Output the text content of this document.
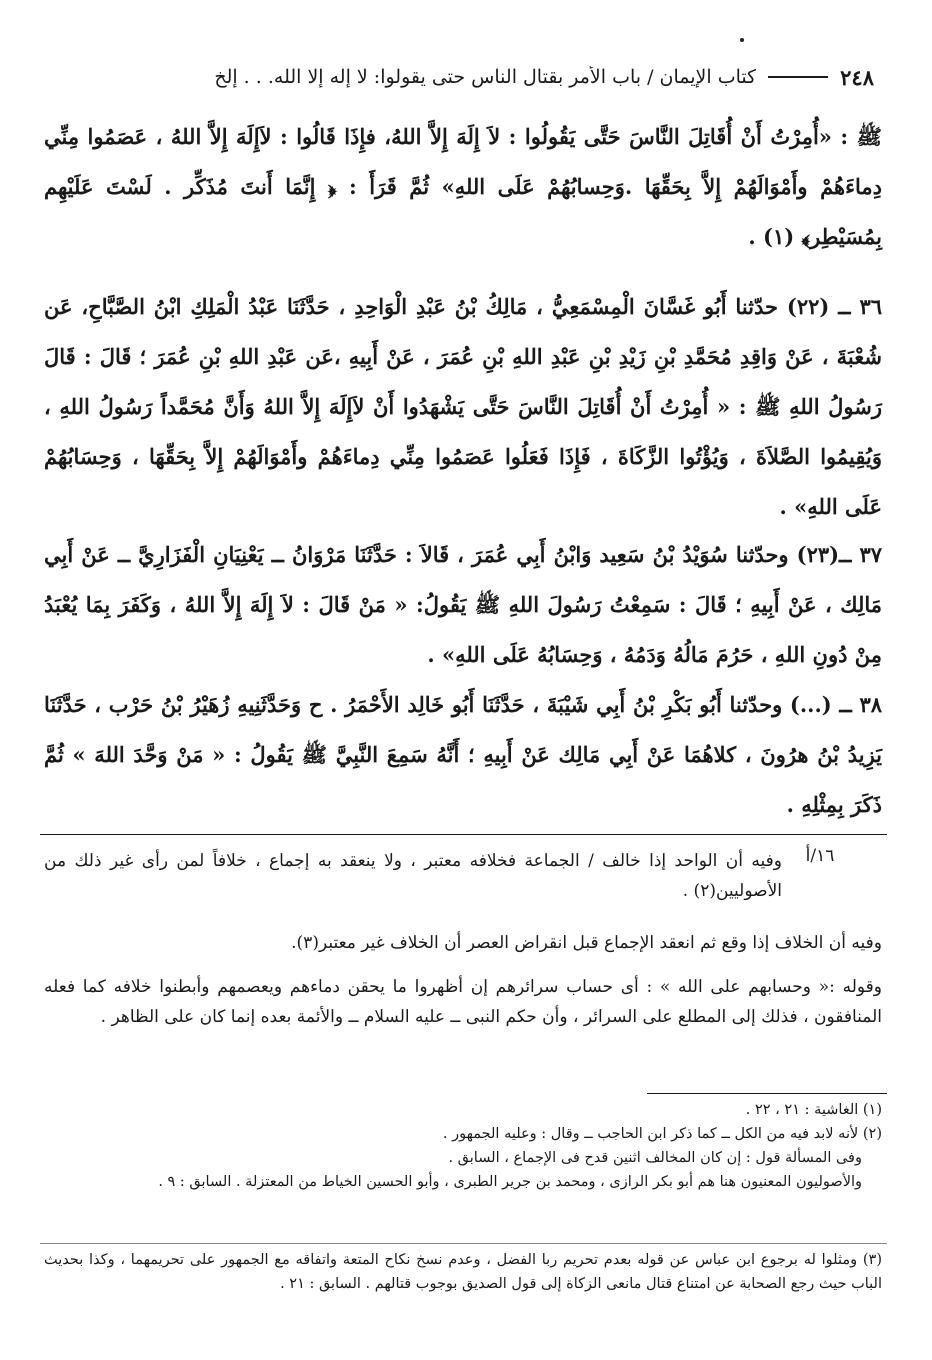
٢٤٨
كتاب الإيمان / باب الأمر بقتال الناس حتى يقولوا: لا إله إلا الله. . . إلخ
ﷺ : «أُمِرْتُ أَنْ أُقَاتِلَ النَّاسَ حَتَّى يَقُولُوا : لاَ إِلَهَ إِلاَّ اللهُ، فإِذَا قَالُوا : لاَإِلَهَ إِلاَّ اللهُ ، عَصَمُوا مِنِّي دِماءَهُمْ وأَمْوَالَهُمْ إِلاَّ بِحَقِّهَا .وَحِسابُهُمْ عَلَى اللهِ» ثُمَّ قَرَأَ : ﴿ إِنَّمَا أَنتَ مُذَكِّر . لَسْتَ عَلَيْهِم بِمُسَيْطِر﴾ (١) .
٣٦ ــ (٢٢) حدّثنا أَبُو غَسَّانَ الْمِسْمَعِيُّ ، مَالِكُ بْنُ عَبْدِ الْوَاحِدِ ، حَدَّثَنَا عَبْدُ الْمَلِكِ ابْنُ الصَّبَّاحِ، عَن شُعْبَةَ ، عَنْ وَاقِدِ مُحَمَّدِ بْنِ زَيْدِ بْنِ عَبْدِ اللهِ بْنِ عُمَرَ ، عَنْ أَبِيهِ ،عَن عَبْدِ اللهِ بْنِ عُمَرَ ؛ قَالَ : قَالَ رَسُولُ اللهِ ﷺ : « أُمِرْتُ أَنْ أُقَاتِلَ النَّاسَ حَتَّى يَشْهَدُوا أَنْ لاَإِلَهَ إِلاَّ اللهُ وَأَنَّ مُحَمَّداً رَسُولُ اللهِ ، وَيُقِيمُوا الصَّلاَةَ ، وَيُؤْتُوا الزَّكَاةَ ، فَإِذَا فَعَلُوا عَصَمُوا مِنِّي دِماءَهُمْ وأَمْوَالَهُمْ إِلاَّ بِحَقِّهَا ، وَحِسَابُهُمْ عَلَى اللهِ» .
٣٧ ــ(٢٣) وحدّثنا سُوَيْدُ بْنُ سَعِيد وَابْنُ أَبِي عُمَرَ ، قَالاَ : حَدَّثَنَا مَرْوَانُ ــ يَعْنِيَانِ الْفَزَارِيَّ ــ عَنْ أَبِي مَالِك ، عَنْ أَبِيهِ ؛ قَالَ : سَمِعْتُ رَسُولَ اللهِ ﷺ يَقُولُ: « مَنْ قَالَ : لاَ إِلَهَ إِلاَّ اللهُ ، وَكَفَرَ بِمَا يُعْبَدُ مِنْ دُونِ اللهِ ، حَرُمَ مَالُهُ وَدَمُهُ ، وَحِسَابُهُ عَلَى اللهِ» .
٣٨ ــ (...) وحدّثنا أَبُو بَكْرِ بْنُ أَبِي شَيْبَةَ ، حَدَّثَنَا أَبُو خَالِد الأَحْمَرُ . ح وَحَدَّثَنِيهِ زُهَيْرُ بْنُ حَرْب ، حَدَّثَنَا يَزِيدُ بْنُ هرُونَ ، كلاهُمَا عَنْ أَبِي مَالِك عَنْ أَبِيهِ ؛ أَنَّهُ سَمِعَ النَّبِيَّ ﷺ يَقُولُ : « مَنْ وَحَّدَ اللهَ » ثُمَّ ذَكَرَ بِمِثْلِهِ .
١٦/أ
وفيه أن الواحد إذا خالف / الجماعة فخلافه معتبر ، ولا ينعقد به إجماع ، خلافاً لمن رأى غير ذلك من الأصوليين(٢) .
وفيه أن الخلاف إذا وقع ثم انعقد الإجماع قبل انقراض العصر أن الخلاف غير معتبر(٣).
وقوله :« وحسابهم على الله » : أى حساب سرائرهم إن أظهروا ما يحقن دماءهم ويعصمهم وأبطنوا خلافه كما فعله المنافقون ، فذلك إلى المطلع على السرائر ، وأن حكم النبى ــ عليه السلام ــ والأئمة بعده إنما كان على الظاهر .
(١) الغاشية : ٢١ ، ٢٢ .
(٢) لأنه لابد فيه من الكل ــ كما ذكر ابن الحاجب ــ وقال : وعليه الجمهور .
وفى المسألة قول : إن كان المخالف اثنين قدح فى الإجماع ، السابق .
والأصوليون المعنيون هنا هم أبو بكر الرازى ، ومحمد بن جرير الطبرى ، وأبو الحسين الخياط من المعتزلة . السابق : ٩ .
(٣) ومثلوا له برجوع ابن عباس عن قوله بعدم تحريم ربا الفضل ، وعدم نسخ نكاح المتعة واتفاقه مع الجمهور على تحريمهما ، وكذا بحديث الباب حيث رجع الصحابة عن امتناع قتال مانعى الزكاة إلى قول الصديق بوجوب قتالهم . السابق : ٢١ .
